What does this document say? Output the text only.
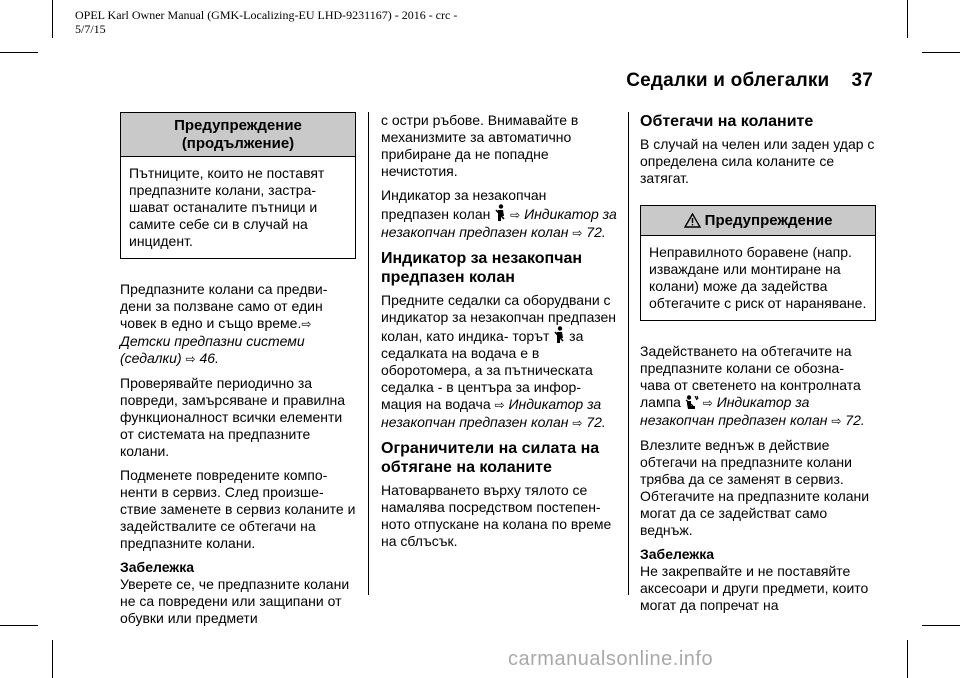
OPEL Karl Owner Manual (GMK-Localizing-EU LHD-9231167) - 2016 - crc -
5/7/15
Седалки и облегалки 37
Предупреждение
(продължение)
Пътниците, които не поставят предпазните колани, застра- шават останалите пътници и самите себе си в случай на инцидент.

Предпазните колани са предви- дени за ползване само от един човек в едно и също време.⇨ Детски предпазни системи (седалки) ⇨ 46.

Проверявайте периодично за повреди, замърсяване и правилна функционалност всички елементи от системата на предпазните колани.

Подменете повредените компо- ненти в сервиз. След произше- ствие заменете в сервиз коланите и задействалите се обтегачи на предпазните колани.

Забележка

Уверете се, че предпазните колани не са повредени или защипани от обувки или предмети

с остри ръбове. Внимавайте в механизмите за автоматично прибиране да не попадне нечистотия.

Индикатор за незакопчан предпазен колан ⇨ Индикатор за незакопчан предпазен колан ⇨ 72.

Индикатор за незакопчан предпазен колан

Предните седалки са оборудвани с индикатор за незакопчан предпазен колан, като индика- торът за седалката на водача е в оборотомера, а за пътническата седалка - в центъра за инфор- мация на водача ⇨ Индикатор за незакопчан предпазен колан ⇨ 72.

Ограничители на силата на обтягане на коланите

Натоварването върху тялото се намалява посредством постепен- ното отпускане на колана по време на сблъсък.

Обтегачи на коланите

В случай на челен или заден удар с определена сила коланите се затягат.

Предупреждение
Неправилното боравене (напр. изваждане или монтиране на колани) може да задейства обтегачите с риск от нараняване.

Задействането на обтегачите на предпазните колани се обозна- чава от светенето на контролната лампа ⇨ Индикатор за незакопчан предпазен колан ⇨ 72.

Влезлите веднъж в действие обтегачи на предпазните колани трябва да се заменят в сервиз. Обтегачите на предпазните колани могат да се задействат само веднъж.

Забележка

Не закрепвайте и не поставяйте аксесоари и други предмети, които могат да попречат на

carmanualsonline.info
